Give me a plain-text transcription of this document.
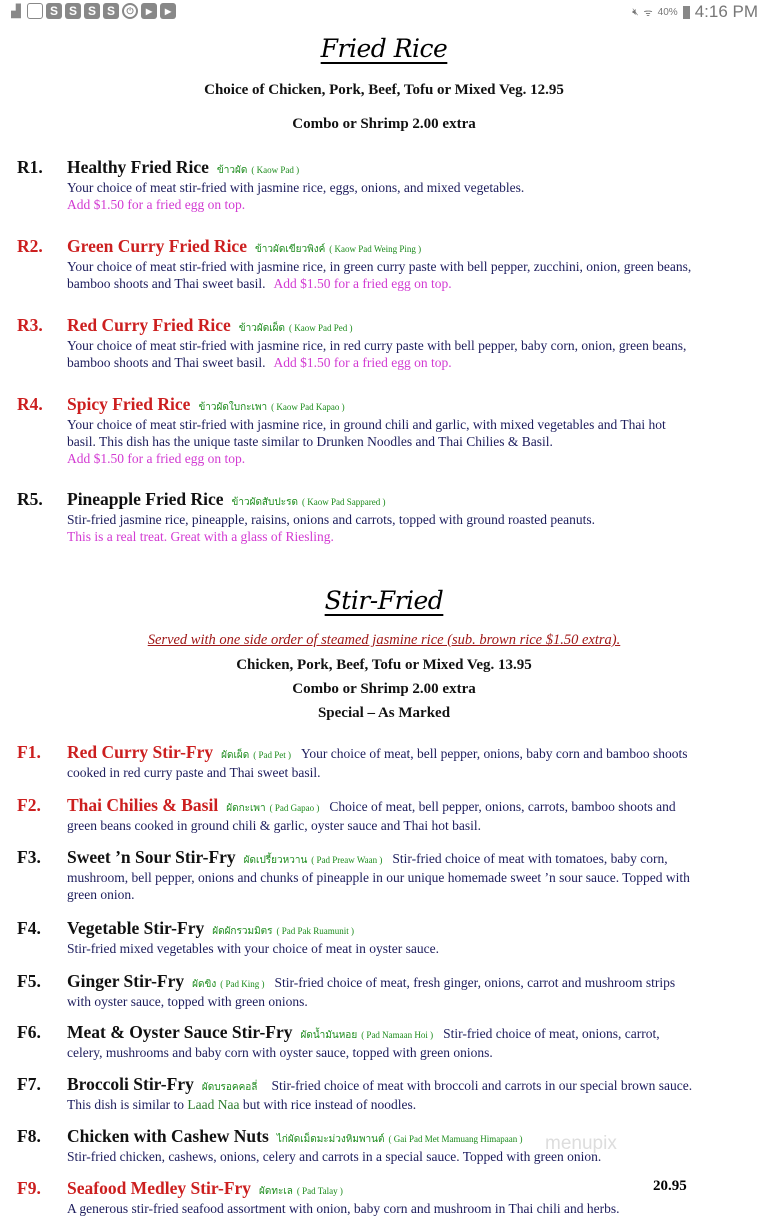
▟	S S S S	⏻	▸	▸	🔇︎ ᯤ 40% 4:16 PM
Fried Rice
Choice of Chicken, Pork, Beef, Tofu or Mixed Veg. 12.95
Combo or Shrimp 2.00 extra
R1. Healthy Fried Rice ข้าวผัด ( Kaow Pad )
Your choice of meat stir-fried with jasmine rice, eggs, onions, and mixed vegetables.
Add $1.50 for a fried egg on top.
R2. Green Curry Fried Rice ข้าวผัดเขียวพิงค์ ( Kaow Pad Weing Ping )
Your choice of meat stir-fried with jasmine rice, in green curry paste with bell pepper, zucchini, onion, green beans, bamboo shoots and Thai sweet basil. Add $1.50 for a fried egg on top.
R3. Red Curry Fried Rice ข้าวผัดเผ็ด ( Kaow Pad Ped )
Your choice of meat stir-fried with jasmine rice, in red curry paste with bell pepper, baby corn, onion, green beans, bamboo shoots and Thai sweet basil. Add $1.50 for a fried egg on top.
R4. Spicy Fried Rice ข้าวผัดใบกะเพา ( Kaow Pad Kapao )
Your choice of meat stir-fried with jasmine rice, in ground chili and garlic, with mixed vegetables and Thai hot basil. This dish has the unique taste similar to Drunken Noodles and Thai Chilies & Basil.
Add $1.50 for a fried egg on top.
R5. Pineapple Fried Rice ข้าวผัดสับปะรด ( Kaow Pad Sappared )
Stir-fried jasmine rice, pineapple, raisins, onions and carrots, topped with ground roasted peanuts.
This is a real treat. Great with a glass of Riesling.
Stir-Fried
Served with one side order of steamed jasmine rice (sub. brown rice $1.50 extra).
Chicken, Pork, Beef, Tofu or Mixed Veg. 13.95
Combo or Shrimp 2.00 extra
Special – As Marked
F1. Red Curry Stir-Fry ผัดเผ็ด ( Pad Pet ) Your choice of meat, bell pepper, onions, baby corn and bamboo shoots cooked in red curry paste and Thai sweet basil.
F2. Thai Chilies & Basil ผัดกะเพา ( Pad Gapao ) Choice of meat, bell pepper, onions, carrots, bamboo shoots and green beans cooked in ground chili & garlic, oyster sauce and Thai hot basil.
F3. Sweet ’n Sour Stir-Fry ผัดเปรี้ยวหวาน ( Pad Preaw Waan ) Stir-fried choice of meat with tomatoes, baby corn, mushroom, bell pepper, onions and chunks of pineapple in our unique homemade sweet ’n sour sauce. Topped with green onion.
F4. Vegetable Stir-Fry ผัดผักรวมมิตร ( Pad Pak Ruamunit )
Stir-fried mixed vegetables with your choice of meat in oyster sauce.
F5. Ginger Stir-Fry ผัดขิง ( Pad King ) Stir-fried choice of meat, fresh ginger, onions, carrot and mushroom strips with oyster sauce, topped with green onions.
F6. Meat & Oyster Sauce Stir-Fry ผัดน้ำมันหอย ( Pad Namaan Hoi ) Stir-fried choice of meat, onions, carrot, celery, mushrooms and baby corn with oyster sauce, topped with green onions.
F7. Broccoli Stir-Fry ผัดบรอคคอลี่ Stir-fried choice of meat with broccoli and carrots in our special brown sauce. This dish is similar to Laad Naa but with rice instead of noodles.
F8. Chicken with Cashew Nuts ไก่ผัดเม็ดมะม่วงหิมพานต์ ( Gai Pad Met Mamuang Himapaan )
Stir-fried chicken, cashews, onions, celery and carrots in a special sauce. Topped with green onion.
F9.	20.95
Seafood Medley Stir-Fry ผัดทะเล ( Pad Talay )
A generous stir-fried seafood assortment with onion, baby corn and mushroom in Thai chili and herbs.
menupix
